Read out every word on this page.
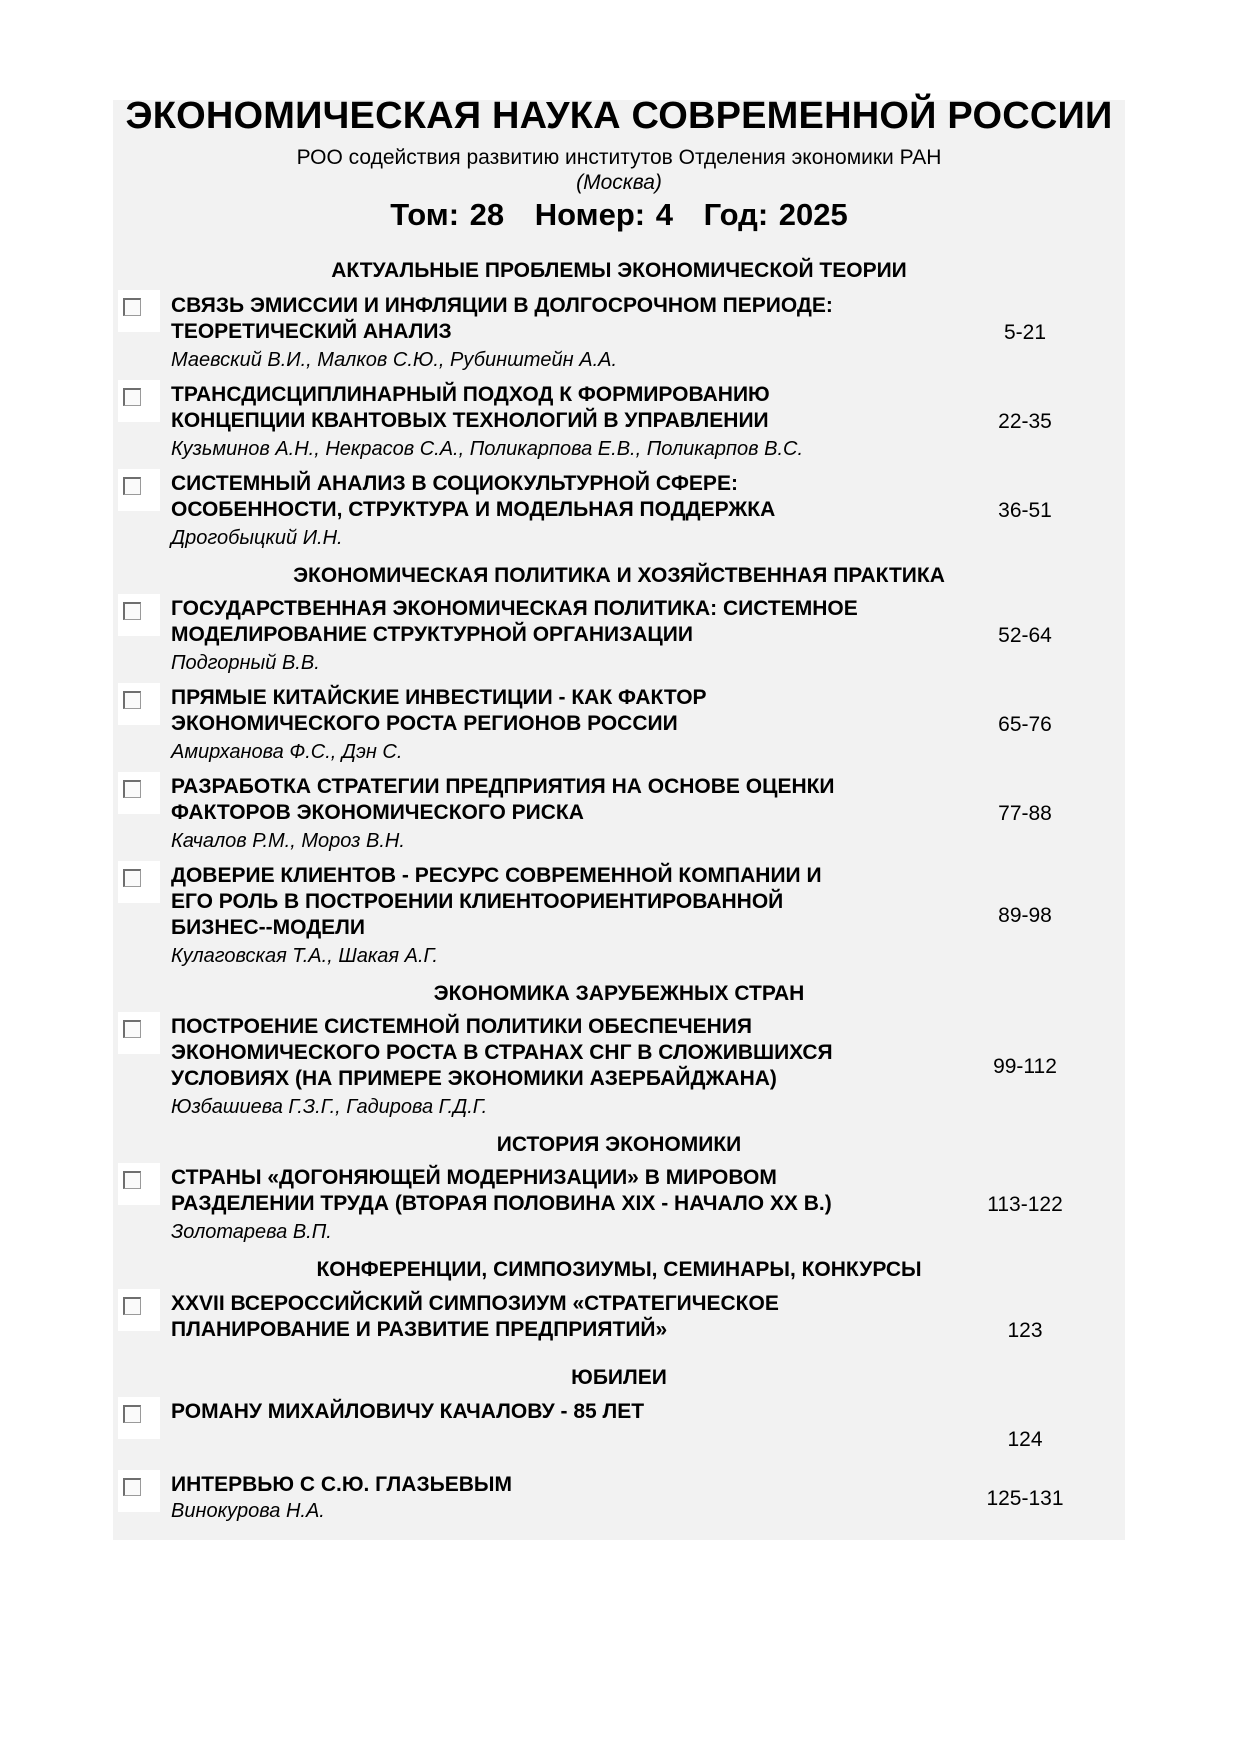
ЭКОНОМИЧЕСКАЯ НАУКА СОВРЕМЕННОЙ РОССИИ
РОО содействия развитию институтов Отделения экономики РАН
(Москва)
Том: 28 Номер: 4 Год: 2025
АКТУАЛЬНЫЕ ПРОБЛЕМЫ ЭКОНОМИЧЕСКОЙ ТЕОРИИ
СВЯЗЬ ЭМИССИИ И ИНФЛЯЦИИ В ДОЛГОСРОЧНОМ ПЕРИОДЕ:
ТЕОРЕТИЧЕСКИЙ АНАЛИЗ
Маевский В.И., Малков С.Ю., Рубинштейн А.А.
5-21
ТРАНСДИСЦИПЛИНАРНЫЙ ПОДХОД К ФОРМИРОВАНИЮ
КОНЦЕПЦИИ КВАНТОВЫХ ТЕХНОЛОГИЙ В УПРАВЛЕНИИ
Кузьминов А.Н., Некрасов С.А., Поликарпова Е.В., Поликарпов В.С.
22-35
СИСТЕМНЫЙ АНАЛИЗ В СОЦИОКУЛЬТУРНОЙ СФЕРЕ:
ОСОБЕННОСТИ, СТРУКТУРА И МОДЕЛЬНАЯ ПОДДЕРЖКА
Дрогобыцкий И.Н.
36-51
ЭКОНОМИЧЕСКАЯ ПОЛИТИКА И ХОЗЯЙСТВЕННАЯ ПРАКТИКА
ГОСУДАРСТВЕННАЯ ЭКОНОМИЧЕСКАЯ ПОЛИТИКА: СИСТЕМНОЕ
МОДЕЛИРОВАНИЕ СТРУКТУРНОЙ ОРГАНИЗАЦИИ
Подгорный В.В.
52-64
ПРЯМЫЕ КИТАЙСКИЕ ИНВЕСТИЦИИ - КАК ФАКТОР
ЭКОНОМИЧЕСКОГО РОСТА РЕГИОНОВ РОССИИ
Амирханова Ф.С., Дэн С.
65-76
РАЗРАБОТКА СТРАТЕГИИ ПРЕДПРИЯТИЯ НА ОСНОВЕ ОЦЕНКИ
ФАКТОРОВ ЭКОНОМИЧЕСКОГО РИСКА
Качалов Р.М., Мороз В.Н.
77-88
ДОВЕРИЕ КЛИЕНТОВ - РЕСУРС СОВРЕМЕННОЙ КОМПАНИИ И
ЕГО РОЛЬ В ПОСТРОЕНИИ КЛИЕНТООРИЕНТИРОВАННОЙ
БИЗНЕС--МОДЕЛИ
Кулаговская Т.А., Шакая А.Г.
89-98
ЭКОНОМИКА ЗАРУБЕЖНЫХ СТРАН
ПОСТРОЕНИЕ СИСТЕМНОЙ ПОЛИТИКИ ОБЕСПЕЧЕНИЯ
ЭКОНОМИЧЕСКОГО РОСТА В СТРАНАХ СНГ В СЛОЖИВШИХСЯ
УСЛОВИЯХ (НА ПРИМЕРЕ ЭКОНОМИКИ АЗЕРБАЙДЖАНА)
Юзбашиева Г.З.Г., Гадирова Г.Д.Г.
99-112
ИСТОРИЯ ЭКОНОМИКИ
СТРАНЫ «ДОГОНЯЮЩЕЙ МОДЕРНИЗАЦИИ» В МИРОВОМ
РАЗДЕЛЕНИИ ТРУДА (ВТОРАЯ ПОЛОВИНА XIX - НАЧАЛО XX В.)
Золотарева В.П.
113-122
КОНФЕРЕНЦИИ, СИМПОЗИУМЫ, СЕМИНАРЫ, КОНКУРСЫ
XXVII ВСЕРОССИЙСКИЙ СИМПОЗИУМ «СТРАТЕГИЧЕСКОЕ
ПЛАНИРОВАНИЕ И РАЗВИТИЕ ПРЕДПРИЯТИЙ»	123
ЮБИЛЕИ
РОМАНУ МИХАЙЛОВИЧУ КАЧАЛОВУ - 85 ЛЕТ
124
ИНТЕРВЬЮ С С.Ю. ГЛАЗЬЕВЫМ
Винокурова Н.А.
125-131
